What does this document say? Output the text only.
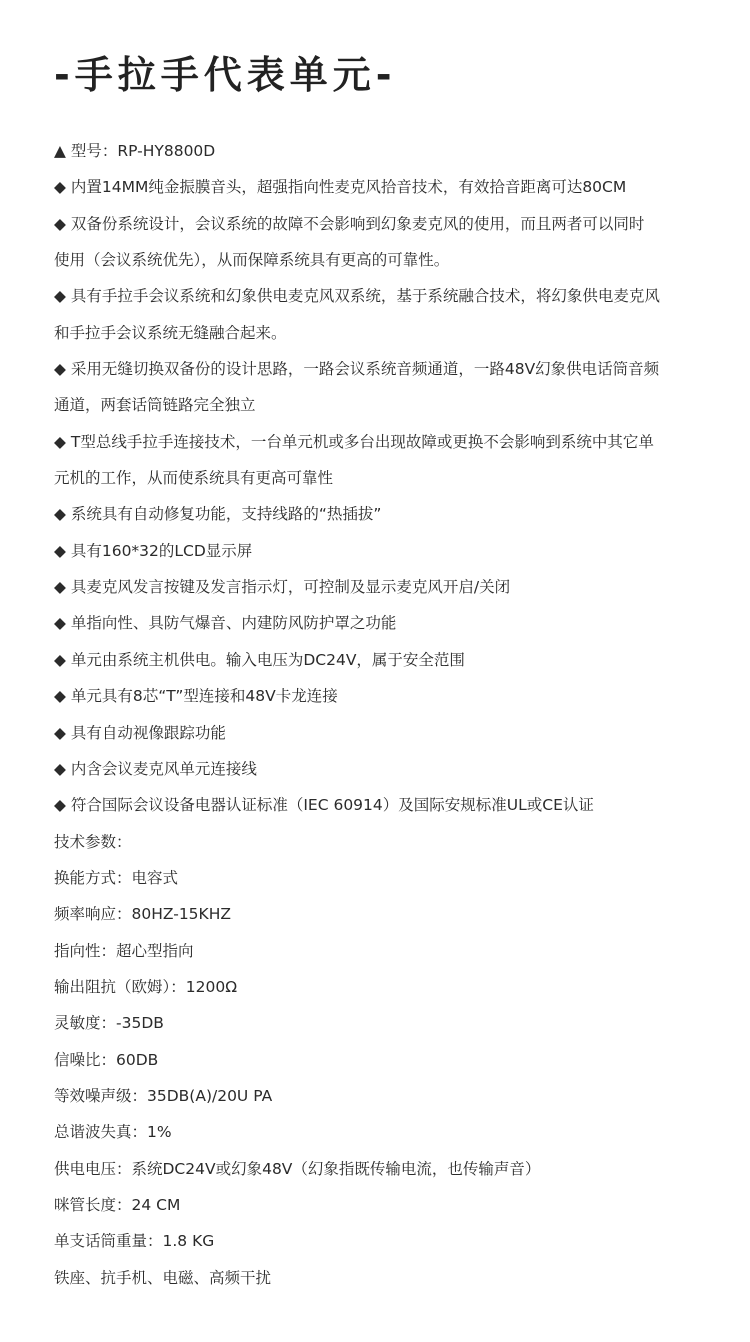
-手拉手代表单元-

▲ 型号：RP-HY8800D

◆ 内置14MM纯金振膜音头，超强指向性麦克风拾音技术，有效拾音距离可达80CM

◆ 双备份系统设计，会议系统的故障不会影响到幻象麦克风的使用，而且两者可以同时

使用（会议系统优先），从而保障系统具有更高的可靠性。

◆ 具有手拉手会议系统和幻象供电麦克风双系统，基于系统融合技术，将幻象供电麦克风

和手拉手会议系统无缝融合起来。

◆ 采用无缝切换双备份的设计思路，一路会议系统音频通道，一路48V幻象供电话筒音频

通道，两套话筒链路完全独立

◆ T型总线手拉手连接技术，一台单元机或多台出现故障或更换不会影响到系统中其它单

元机的工作，从而使系统具有更高可靠性

◆ 系统具有自动修复功能，支持线路的“热插拔”

◆ 具有160*32的LCD显示屏

◆ 具麦克风发言按键及发言指示灯，可控制及显示麦克风开启/关闭

◆ 单指向性、具防气爆音、内建防风防护罩之功能

◆ 单元由系统主机供电。输入电压为DC24V，属于安全范围

◆ 单元具有8芯“T”型连接和48V卡龙连接

◆ 具有自动视像跟踪功能

◆ 内含会议麦克风单元连接线

◆ 符合国际会议设备电器认证标准（IEC 60914）及国际安规标准UL或CE认证

技术参数：

换能方式：电容式

频率响应：80HZ-15KHZ

指向性：超心型指向

输出阻抗（欧姆）：1200Ω

灵敏度：-35DB

信噪比：60DB

等效噪声级：35DB(A)/20U PA

总谐波失真：1%

供电电压：系统DC24V或幻象48V（幻象指既传输电流，也传输声音）

咪管长度：24 CM

单支话筒重量：1.8 KG

铁座、抗手机、电磁、高频干扰
